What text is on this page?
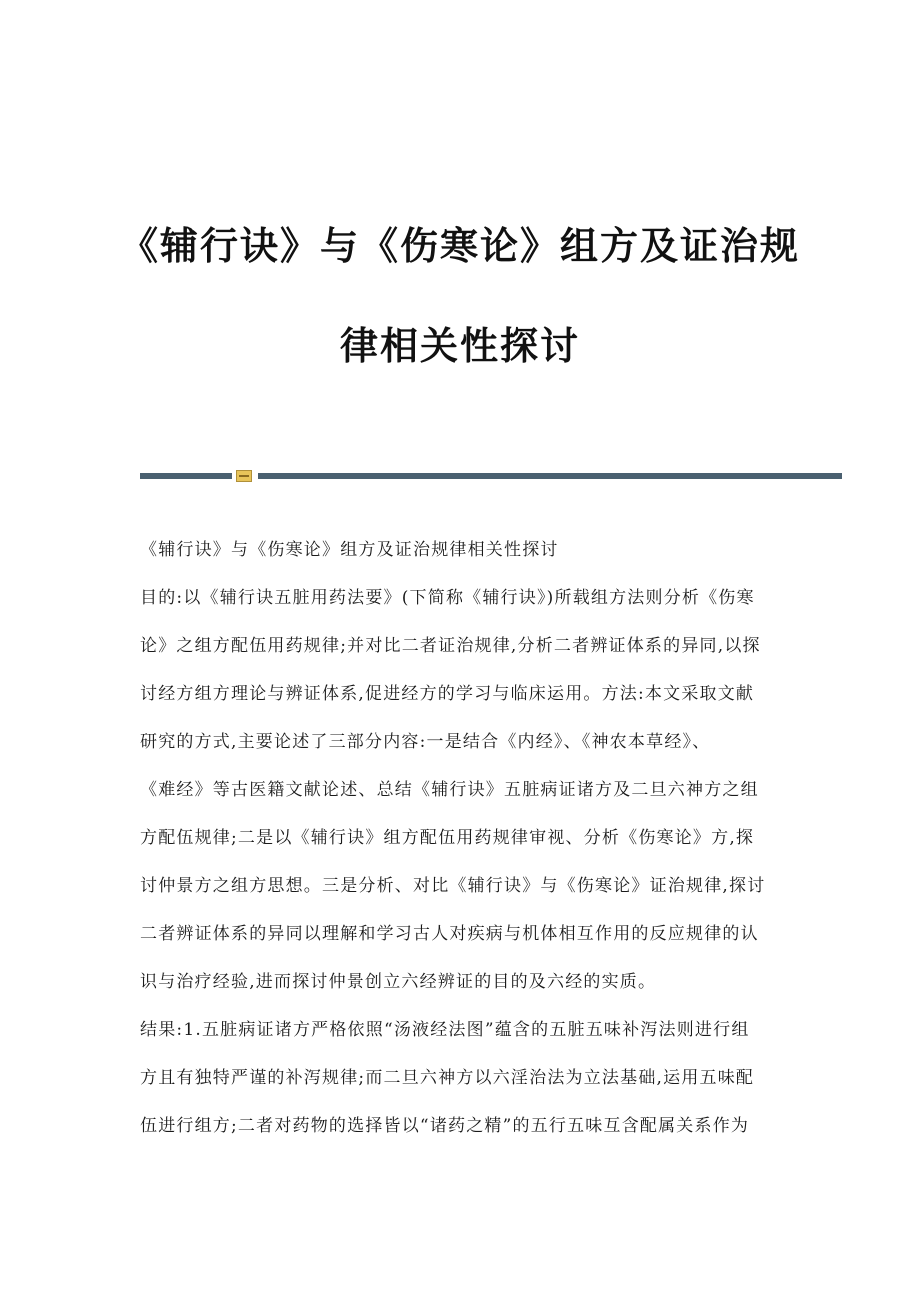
《辅行诀》与《伤寒论》组方及证治规
律相关性探讨
《辅行诀》与《伤寒论》组方及证治规律相关性探讨
目的:以《辅行诀五脏用药法要》(下简称《辅行诀》)所载组方法则分析《伤寒
论》之组方配伍用药规律;并对比二者证治规律,分析二者辨证体系的异同,以探
讨经方组方理论与辨证体系,促进经方的学习与临床运用。方法:本文采取文献
研究的方式,主要论述了三部分内容:一是结合《内经》、《神农本草经》、
《难经》等古医籍文献论述、总结《辅行诀》五脏病证诸方及二旦六神方之组
方配伍规律;二是以《辅行诀》组方配伍用药规律审视、分析《伤寒论》方,探
讨仲景方之组方思想。三是分析、对比《辅行诀》与《伤寒论》证治规律,探讨
二者辨证体系的异同以理解和学习古人对疾病与机体相互作用的反应规律的认
识与治疗经验,进而探讨仲景创立六经辨证的目的及六经的实质。
结果:1.五脏病证诸方严格依照“汤液经法图”蕴含的五脏五味补泻法则进行组
方且有独特严谨的补泻规律;而二旦六神方以六淫治法为立法基础,运用五味配
伍进行组方;二者对药物的选择皆以“诸药之精”的五行五味互含配属关系作为
